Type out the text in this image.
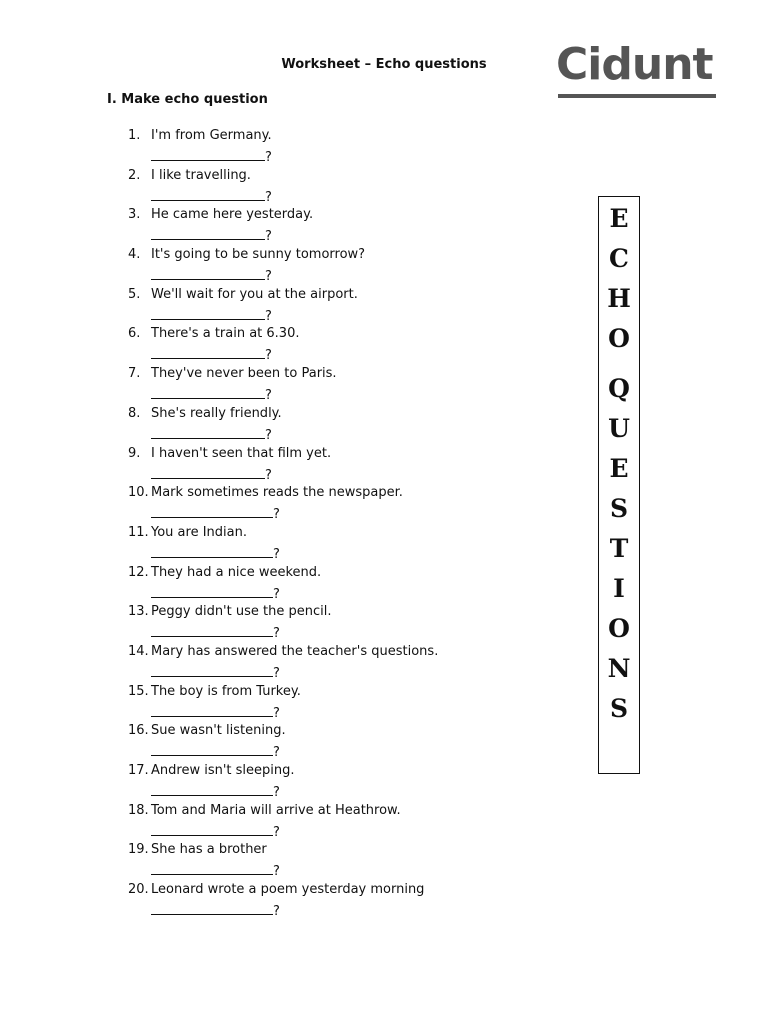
Worksheet – Echo questions	Cidunt
I. Make echo question
1. I'm from Germany.
?
2. I like travelling.
?
3. He came here yesterday.
?
4. It's going to be sunny tomorrow?
?
5. We'll wait for you at the airport.
?
6. There's a train at 6.30.
?
7. They've never been to Paris.
?
8. She's really friendly.
?
9. I haven't seen that film yet.
?
10. Mark sometimes reads the newspaper.
?
11. You are Indian.
?
12. They had a nice weekend.
?
13. Peggy didn't use the pencil.
?
14. Mary has answered the teacher's questions.
?
15. The boy is from Turkey.
?
16. Sue wasn't listening.
?
17. Andrew isn't sleeping.
?
18. Tom and Maria will arrive at Heathrow.
?
19. She has a brother
?
20. Leonard wrote a poem yesterday morning
?
E
C
H
O
Q
U
E
S
T
I
O
N
S
